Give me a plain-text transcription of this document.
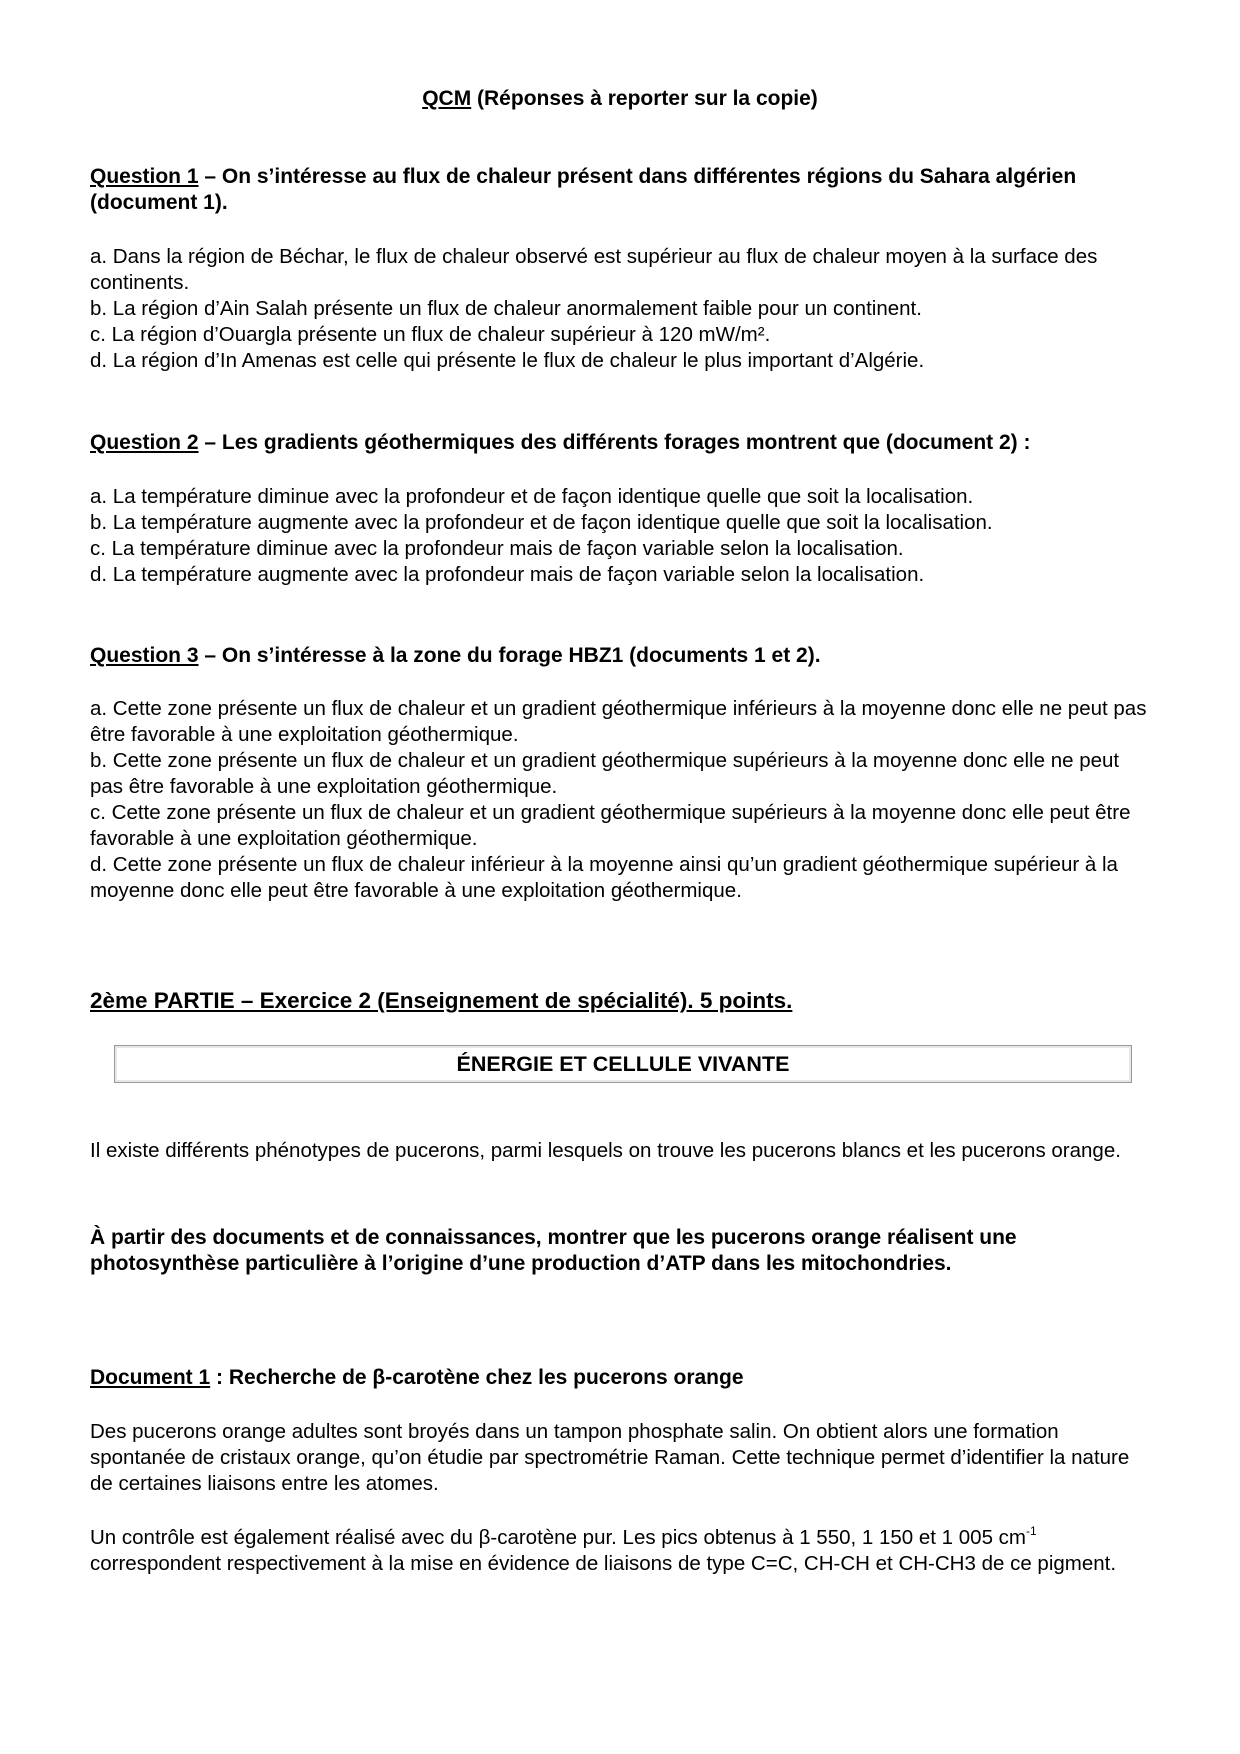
QCM (Réponses à reporter sur la copie)

Question 1 – On s’intéresse au flux de chaleur présent dans différentes régions du Sahara algérien (document 1).

a. Dans la région de Béchar, le flux de chaleur observé est supérieur au flux de chaleur moyen à la surface des continents.

b. La région d’Ain Salah présente un flux de chaleur anormalement faible pour un continent.

c. La région d’Ouargla présente un flux de chaleur supérieur à 120 mW/m².

d. La région d’In Amenas est celle qui présente le flux de chaleur le plus important d’Algérie.

Question 2 – Les gradients géothermiques des différents forages montrent que (document 2) :

a. La température diminue avec la profondeur et de façon identique quelle que soit la localisation.

b. La température augmente avec la profondeur et de façon identique quelle que soit la localisation.

c. La température diminue avec la profondeur mais de façon variable selon la localisation.

d. La température augmente avec la profondeur mais de façon variable selon la localisation.

Question 3 – On s’intéresse à la zone du forage HBZ1 (documents 1 et 2).

a. Cette zone présente un flux de chaleur et un gradient géothermique inférieurs à la moyenne donc elle ne peut pas être favorable à une exploitation géothermique.

b. Cette zone présente un flux de chaleur et un gradient géothermique supérieurs à la moyenne donc elle ne peut pas être favorable à une exploitation géothermique.

c. Cette zone présente un flux de chaleur et un gradient géothermique supérieurs à la moyenne donc elle peut être favorable à une exploitation géothermique.

d. Cette zone présente un flux de chaleur inférieur à la moyenne ainsi qu’un gradient géothermique supérieur à la moyenne donc elle peut être favorable à une exploitation géothermique.

2ème PARTIE – Exercice 2 (Enseignement de spécialité). 5 points.
ÉNERGIE ET CELLULE VIVANTE
Il existe différents phénotypes de pucerons, parmi lesquels on trouve les pucerons blancs et les pucerons orange.
À partir des documents et de connaissances, montrer que les pucerons orange réalisent une photosynthèse particulière à l’origine d’une production d’ATP dans les mitochondries.
Document 1 : Recherche de β-carotène chez les pucerons orange
Des pucerons orange adultes sont broyés dans un tampon phosphate salin. On obtient alors une formation spontanée de cristaux orange, qu’on étudie par spectrométrie Raman. Cette technique permet d’identifier la nature de certaines liaisons entre les atomes.
Un contrôle est également réalisé avec du β-carotène pur. Les pics obtenus à 1 550, 1 150 et 1 005 $cm^{-1}$ correspondent respectivement à la mise en évidence de liaisons de type C=C, CH-CH et CH-CH3 de ce pigment.
